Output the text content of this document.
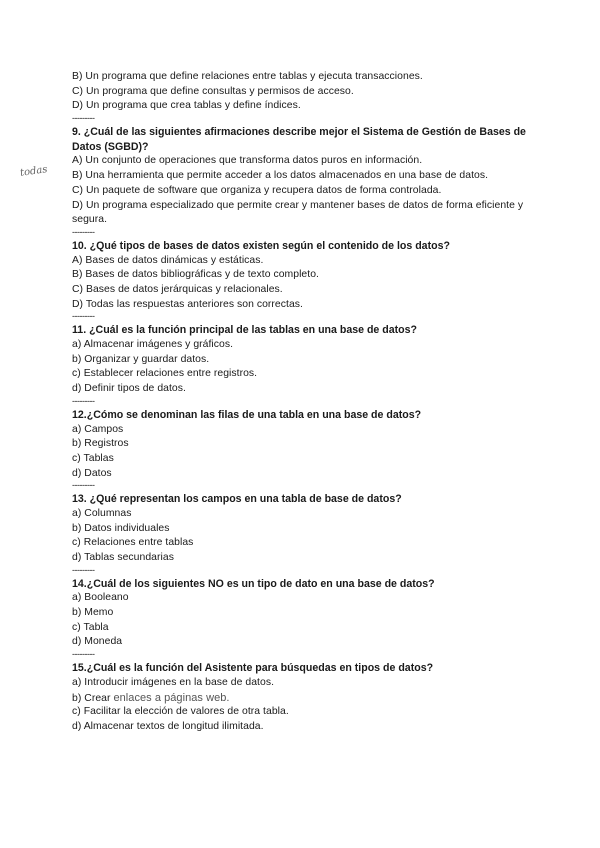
todas
B) Un programa que define relaciones entre tablas y ejecuta transacciones.
C) Un programa que define consultas y permisos de acceso.
D) Un programa que crea tablas y define índices.
---------
9. ¿Cuál de las siguientes afirmaciones describe mejor el Sistema de Gestión de Bases de Datos (SGBD)?
A) Un conjunto de operaciones que transforma datos puros en información.
B) Una herramienta que permite acceder a los datos almacenados en una base de datos.
C) Un paquete de software que organiza y recupera datos de forma controlada.
D) Un programa especializado que permite crear y mantener bases de datos de forma eficiente y segura.
---------
10. ¿Qué tipos de bases de datos existen según el contenido de los datos?
A) Bases de datos dinámicas y estáticas.
B) Bases de datos bibliográficas y de texto completo.
C) Bases de datos jerárquicas y relacionales.
D) Todas las respuestas anteriores son correctas.
---------
11. ¿Cuál es la función principal de las tablas en una base de datos?
a) Almacenar imágenes y gráficos.
b) Organizar y guardar datos.
c) Establecer relaciones entre registros.
d) Definir tipos de datos.
---------
12.¿Cómo se denominan las filas de una tabla en una base de datos?
a) Campos
b) Registros
c) Tablas
d) Datos
---------
13. ¿Qué representan los campos en una tabla de base de datos?
a) Columnas
b) Datos individuales
c) Relaciones entre tablas
d) Tablas secundarias
---------
14.¿Cuál de los siguientes NO es un tipo de dato en una base de datos?
a) Booleano
b) Memo
c) Tabla
d) Moneda
---------
15.¿Cuál es la función del Asistente para búsquedas en tipos de datos?
a) Introducir imágenes en la base de datos.
b) Crear enlaces a páginas web.
c) Facilitar la elección de valores de otra tabla.
d) Almacenar textos de longitud ilimitada.
